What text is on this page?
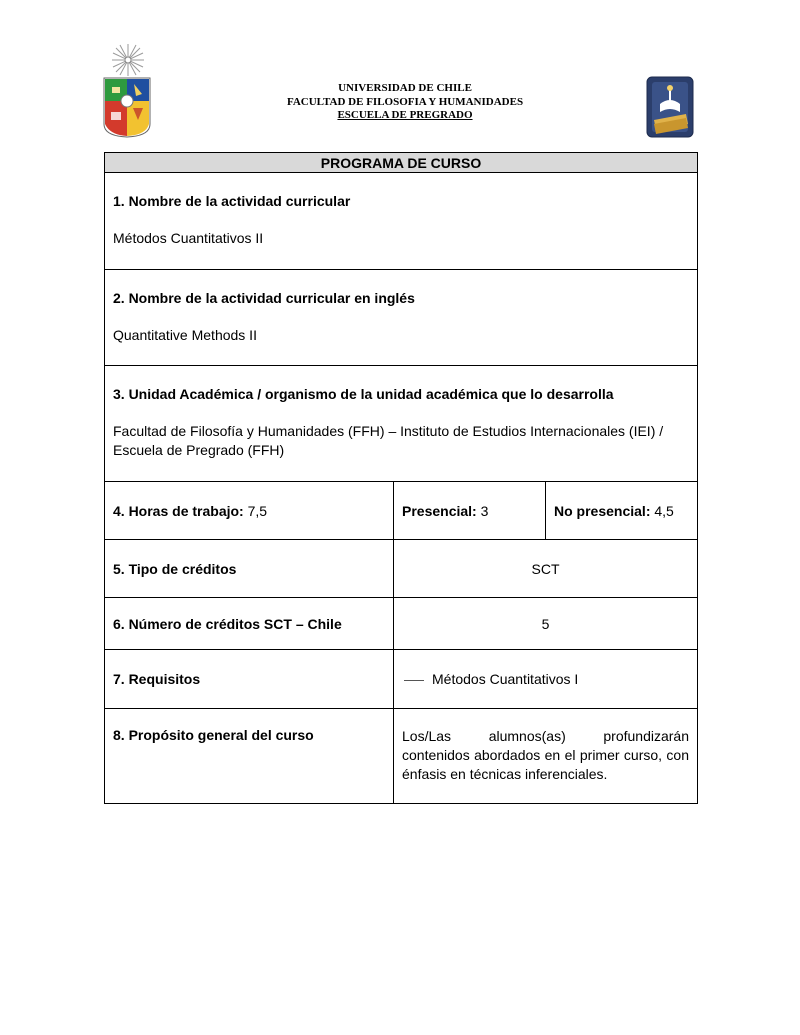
UNIVERSIDAD DE CHILE
FACULTAD DE FILOSOFIA Y HUMANIDADES
ESCUELA DE PREGRADO
PROGRAMA DE CURSO		

1. Nombre de la actividad curricular
Métodos Cuantitativos II		

2. Nombre de la actividad curricular en inglés
Quantitative Methods II		

3. Unidad Académica / organismo de la unidad académica que lo desarrolla
Facultad de Filosofía y Humanidades (FFH) – Instituto de Estudios Internacionales (IEI) / Escuela de Pregrado (FFH)		

4. Horas de trabajo: 7,5	Presencial: 3	No presencial: 4,5
5. Tipo de créditos	SCT	
6. Número de créditos SCT – Chile	5	
7. Requisitos	Métodos Cuantitativos I	
8. Propósito general del curso	Los/Las alumnos(as) profundizarán contenidos abordados en el primer curso, con énfasis en técnicas inferenciales.	
